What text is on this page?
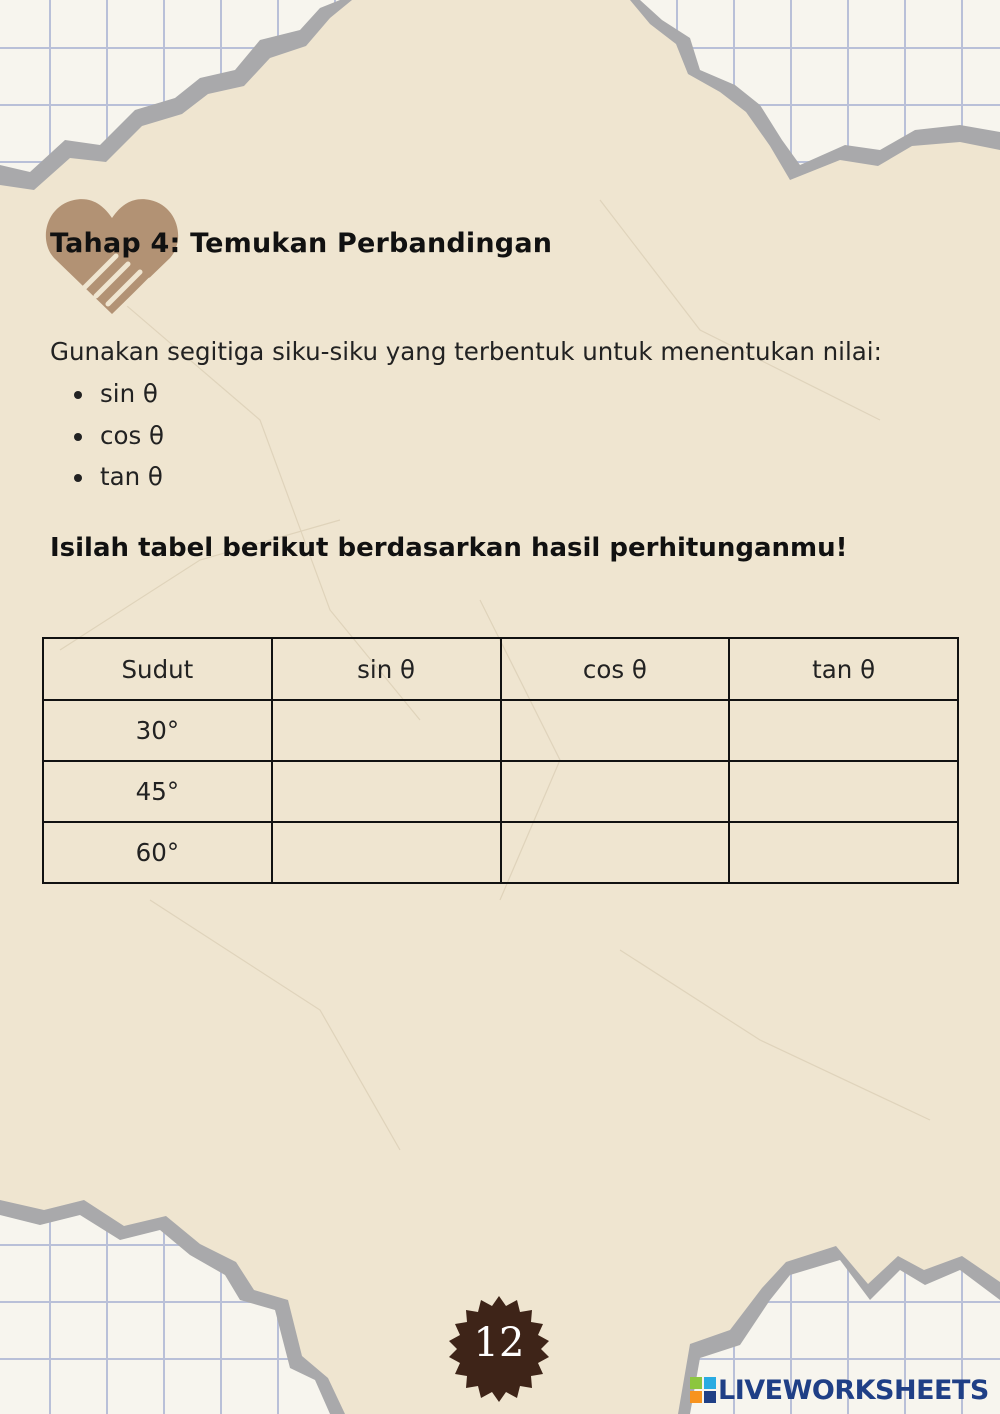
Tahap 4: Temukan Perbandingan

Gunakan segitiga siku-siku yang terbentuk untuk menentukan nilai:

sin θ
cos θ
tan θ

Isilah tabel berikut berdasarkan hasil perhitunganmu!

Sudut	sin θ	cos θ	tan θ
30°			
45°			
60°			
12
LIVEWORKSHEETS
